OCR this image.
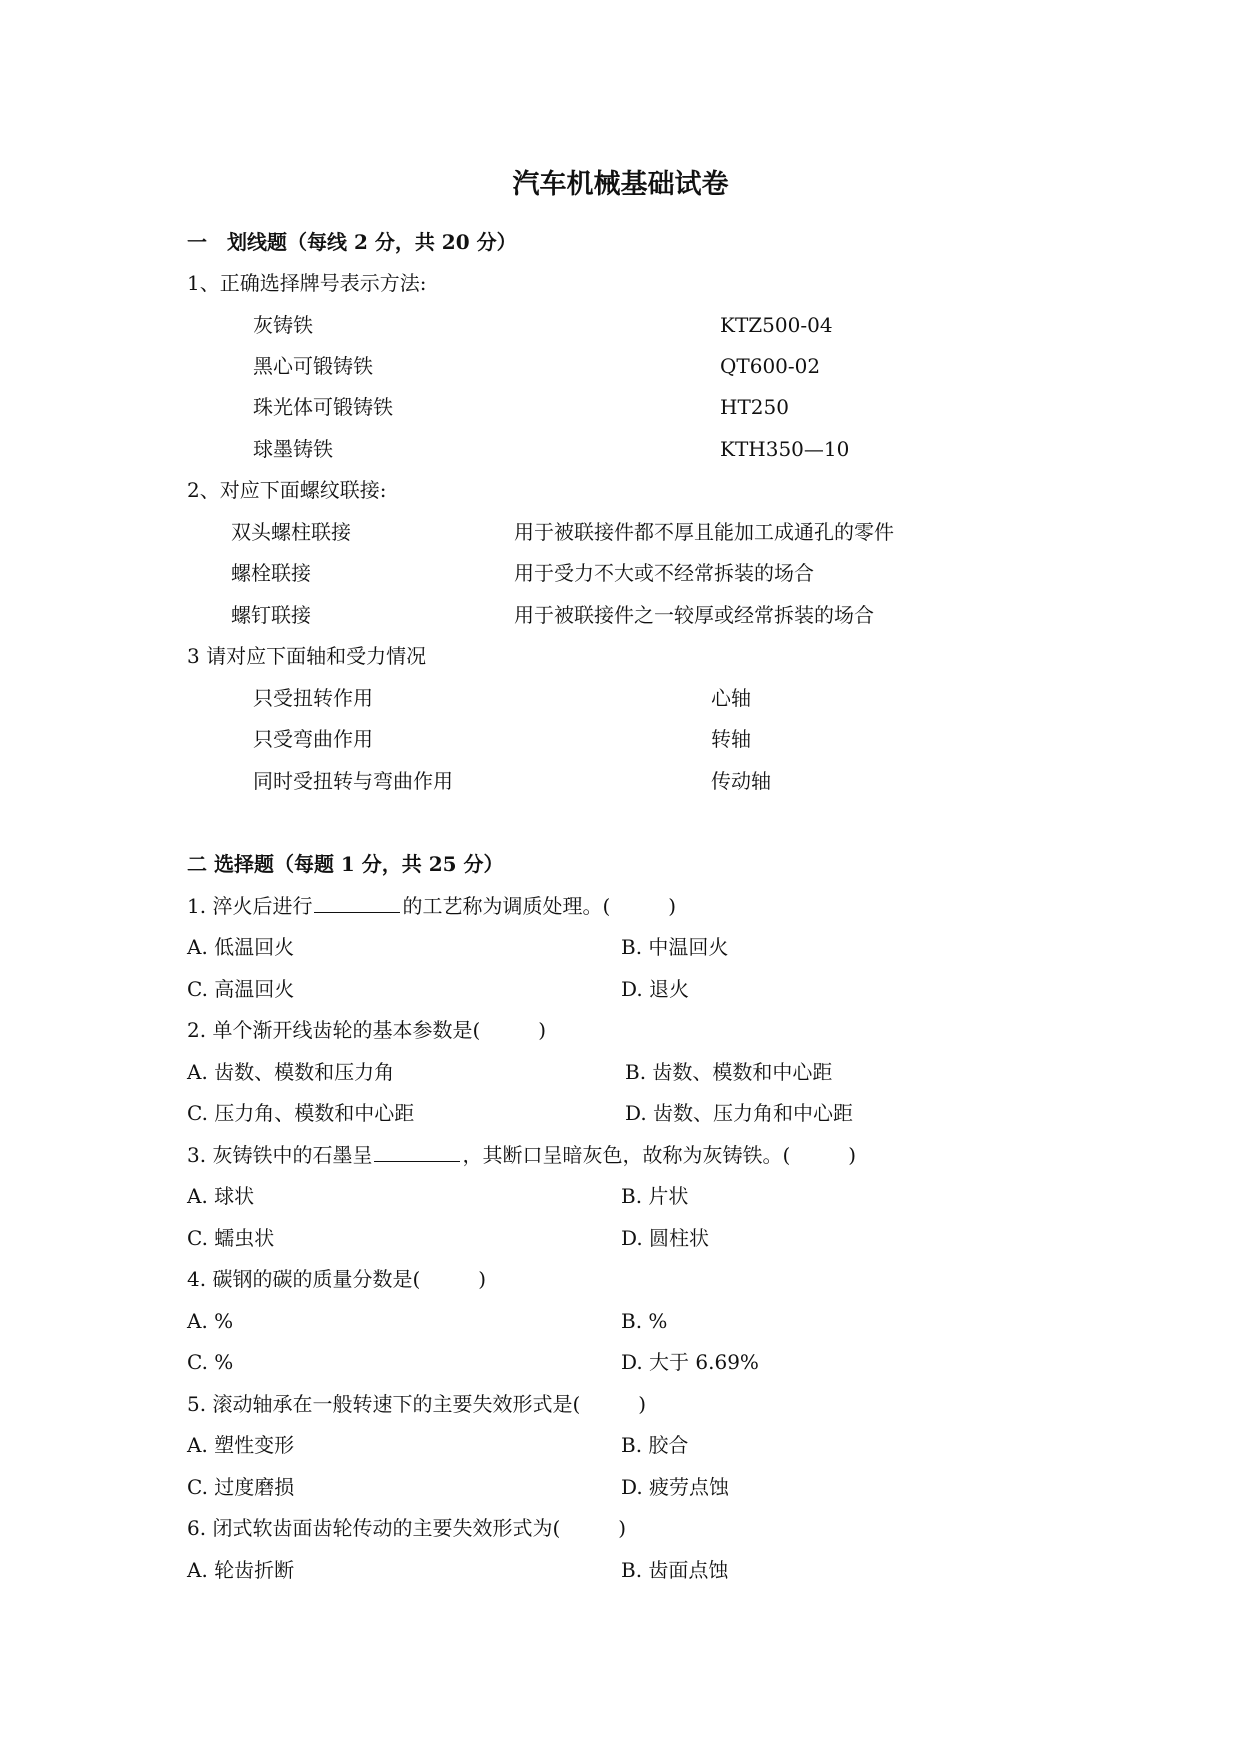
汽车机械基础试卷
一　划线题（每线 2 分，共 20 分）
1、正确选择牌号表示方法:
灰铸铁	KTZ500-04
黑心可锻铸铁	QT600-02
珠光体可锻铸铁	HT250
球墨铸铁	KTH350—10
2、对应下面螺纹联接:
双头螺柱联接	用于被联接件都不厚且能加工成通孔的零件
螺栓联接	用于受力不大或不经常拆装的场合
螺钉联接	用于被联接件之一较厚或经常拆装的场合
3 请对应下面轴和受力情况
只受扭转作用	心轴
只受弯曲作用	转轴
同时受扭转与弯曲作用	传动轴
二 选择题（每题 1 分，共 25 分）
1. 淬火后进行	的工艺称为调质处理。(	)
A. 低温回火	B. 中温回火
C. 高温回火	D. 退火
2. 单个渐开线齿轮的基本参数是(	)
A. 齿数、模数和压力角	B. 齿数、模数和中心距
C. 压力角、模数和中心距	D. 齿数、压力角和中心距
3. 灰铸铁中的石墨呈	，其断口呈暗灰色，故称为灰铸铁。(	)
A. 球状	B. 片状
C. 蠕虫状	D. 圆柱状
4. 碳钢的碳的质量分数是(	)
A. %	B. %
C. %	D. 大于 6.69%
5. 滚动轴承在一般转速下的主要失效形式是(	)
A. 塑性变形	B. 胶合
C. 过度磨损	D. 疲劳点蚀
6. 闭式软齿面齿轮传动的主要失效形式为(	)
A. 轮齿折断	B. 齿面点蚀
